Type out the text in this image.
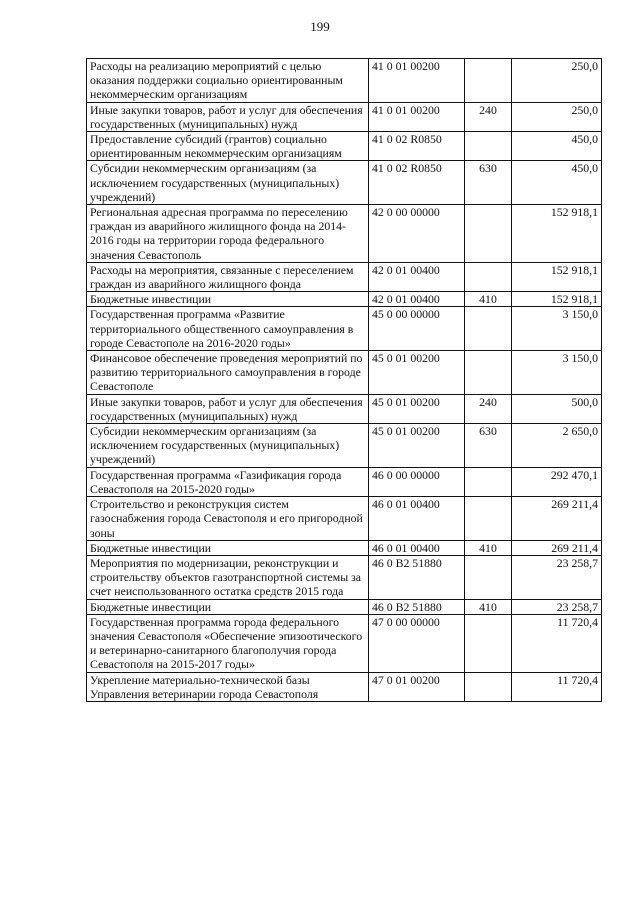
199
Расходы на реализацию мероприятий с целью оказания поддержки социально ориентированным некоммерческим организациям	41 0 01 00200		250,0
Иные закупки товаров, работ и услуг для обеспечения государственных (муниципальных) нужд	41 0 01 00200	240	250,0
Предоставление субсидий (грантов) социально ориентированным некоммерческим организациям	41 0 02 R0850		450,0
Субсидии некоммерческим организациям (за исключением государственных (муниципальных) учреждений)	41 0 02 R0850	630	450,0
Региональная адресная программа по переселению граждан из аварийного жилищного фонда на 2014-2016 годы на территории города федерального значения Севастополь	42 0 00 00000		152 918,1
Расходы на мероприятия, связанные с переселением граждан из аварийного жилищного фонда	42 0 01 00400		152 918,1
Бюджетные инвестиции	42 0 01 00400	410	152 918,1
Государственная программа «Развитие территориального общественного самоуправления в городе Севастополе на 2016-2020 годы»	45 0 00 00000		3 150,0
Финансовое обеспечение проведения мероприятий по развитию территориального самоуправления в городе Севастополе	45 0 01 00200		3 150,0
Иные закупки товаров, работ и услуг для обеспечения государственных (муниципальных) нужд	45 0 01 00200	240	500,0
Субсидии некоммерческим организациям (за исключением государственных (муниципальных) учреждений)	45 0 01 00200	630	2 650,0
Государственная программа «Газификация города Севастополя на 2015-2020 годы»	46 0 00 00000		292 470,1
Строительство и реконструкция систем газоснабжения города Севастополя и его пригородной зоны	46 0 01 00400		269 211,4
Бюджетные инвестиции	46 0 01 00400	410	269 211,4
Мероприятия по модернизации, реконструкции и строительству объектов газотранспортной системы за счет неиспользованного остатка средств 2015 года	46 0 В2 51880		23 258,7
Бюджетные инвестиции	46 0 В2 51880	410	23 258,7
Государственная программа города федерального значения Севастополя «Обеспечение эпизоотического и ветеринарно-санитарного благополучия города Севастополя на 2015-2017 годы»	47 0 00 00000		11 720,4
Укрепление материально-технической базы Управления ветеринарии города Севастополя	47 0 01 00200		11 720,4
